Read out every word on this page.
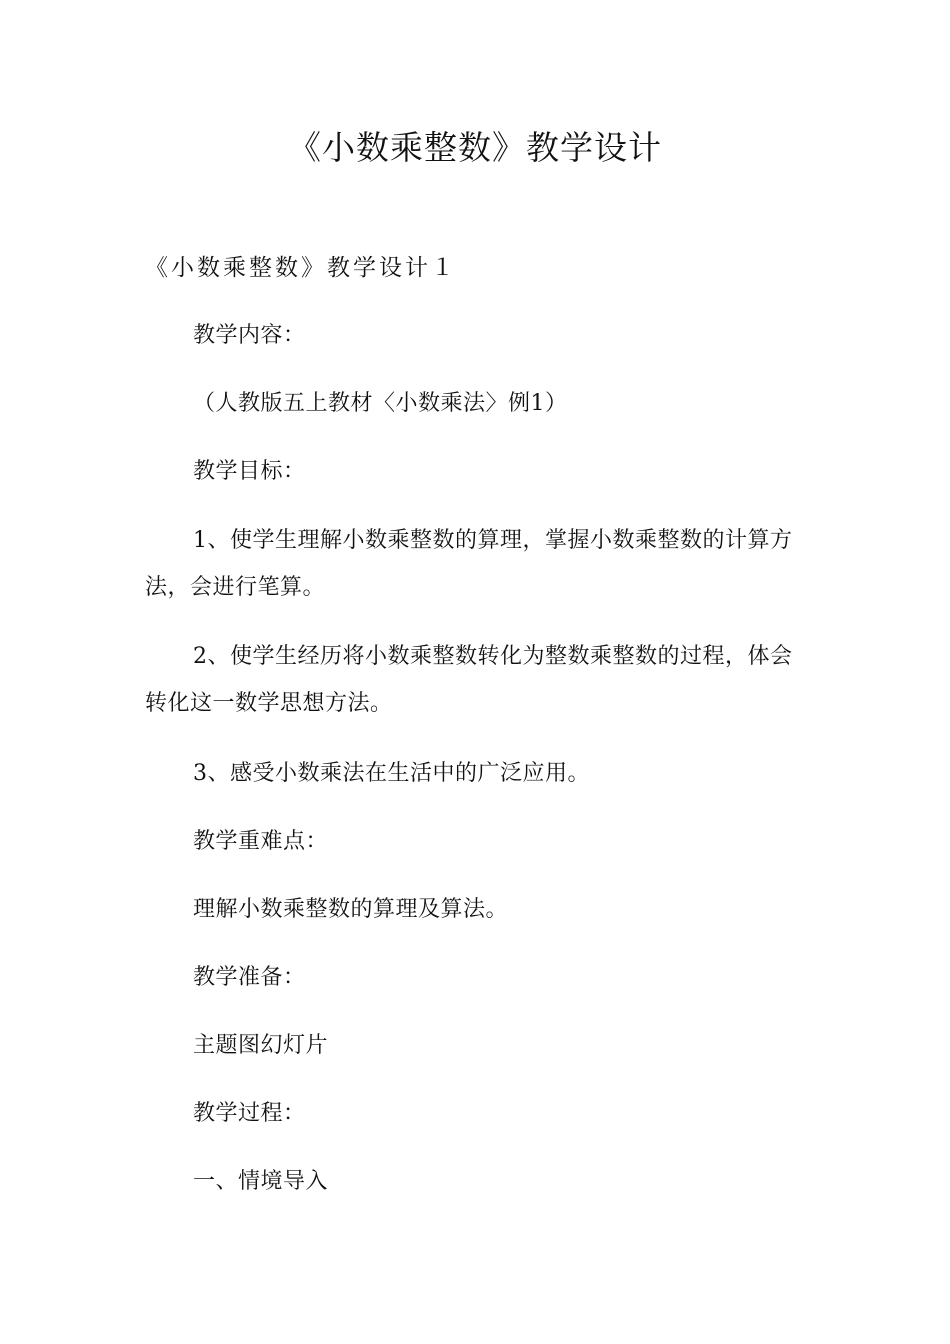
《小数乘整数》教学设计
《小数乘整数》教学设计１

教学内容：

（人教版五上教材〈小数乘法〉例1）

教学目标：

1、使学生理解小数乘整数的算理，掌握小数乘整数的计算方法，会进行笔算。

2、使学生经历将小数乘整数转化为整数乘整数的过程，体会转化这一数学思想方法。

3、感受小数乘法在生活中的广泛应用。

教学重难点：

理解小数乘整数的算理及算法。

教学准备：

主题图幻灯片

教学过程：

一、情境导入
